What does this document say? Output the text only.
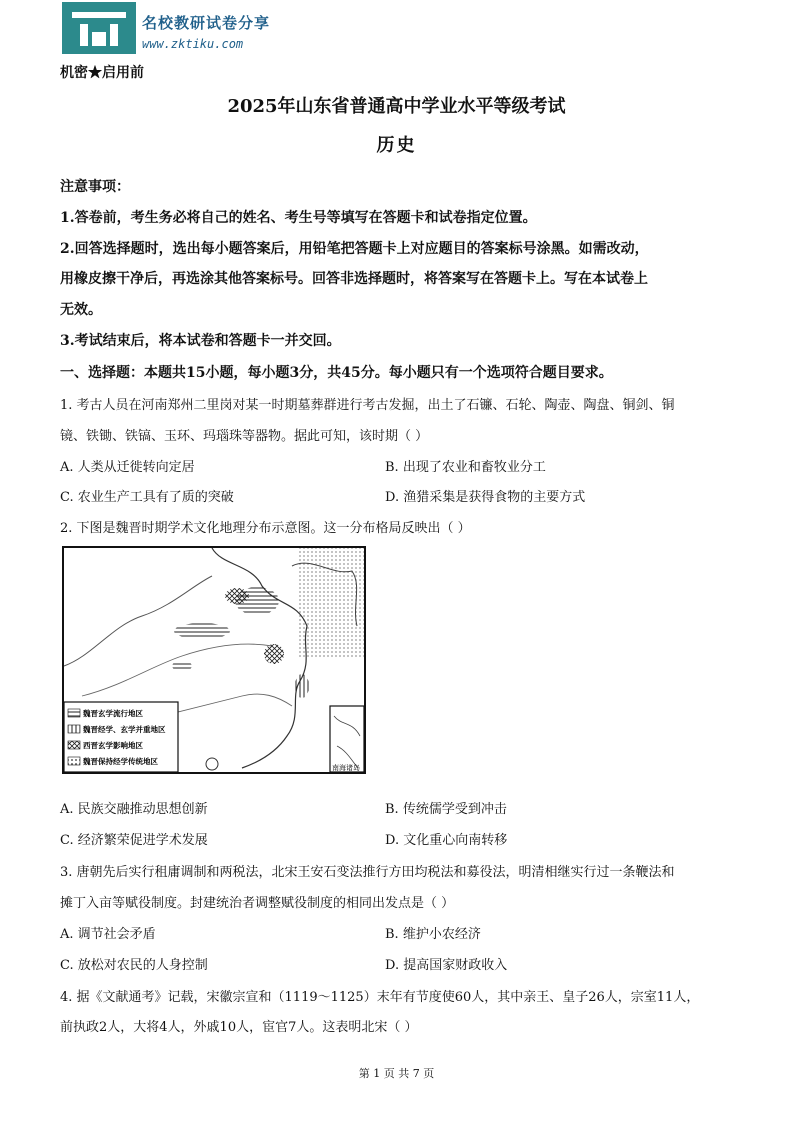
名校教研试卷分享
www.zktiku.com
机密★启用前
2025年山东省普通高中学业水平等级考试
历史
注意事项：
1.答卷前，考生务必将自己的姓名、考生号等填写在答题卡和试卷指定位置。
2.回答选择题时，选出每小题答案后，用铅笔把答题卡上对应题目的答案标号涂黑。如需改动，
用橡皮擦干净后，再选涂其他答案标号。回答非选择题时，将答案写在答题卡上。写在本试卷上
无效。
3.考试结束后，将本试卷和答题卡一并交回。
一、选择题：本题共15小题，每小题3分，共45分。每小题只有一个选项符合题目要求。
1. 考古人员在河南郑州二里岗对某一时期墓葬群进行考古发掘，出土了石镰、石轮、陶壶、陶盘、铜剑、铜
镜、铁锄、铁镐、玉环、玛瑙珠等器物。据此可知，该时期（ ）
A. 人类从迁徙转向定居	B. 出现了农业和畜牧业分工
C. 农业生产工具有了质的突破	D. 渔猎采集是获得食物的主要方式
2. 下图是魏晋时期学术文化地理分布示意图。这一分布格局反映出（ ）
南海诸岛
魏晋玄学流行地区
魏晋经学、玄学并重地区
西晋玄学影响地区
魏晋保持经学传统地区
A. 民族交融推动思想创新	B. 传统儒学受到冲击
C. 经济繁荣促进学术发展	D. 文化重心向南转移
3. 唐朝先后实行租庸调制和两税法，北宋王安石变法推行方田均税法和募役法，明清相继实行过一条鞭法和
摊丁入亩等赋役制度。封建统治者调整赋役制度的相同出发点是（ ）
A. 调节社会矛盾	B. 维护小农经济
C. 放松对农民的人身控制	D. 提高国家财政收入
4. 据《文献通考》记载，宋徽宗宣和（1119～1125）末年有节度使60人，其中亲王、皇子26人，宗室11人，
前执政2人，大将4人，外戚10人，宦官7人。这表明北宋（ ）
第 1 页 共 7 页
